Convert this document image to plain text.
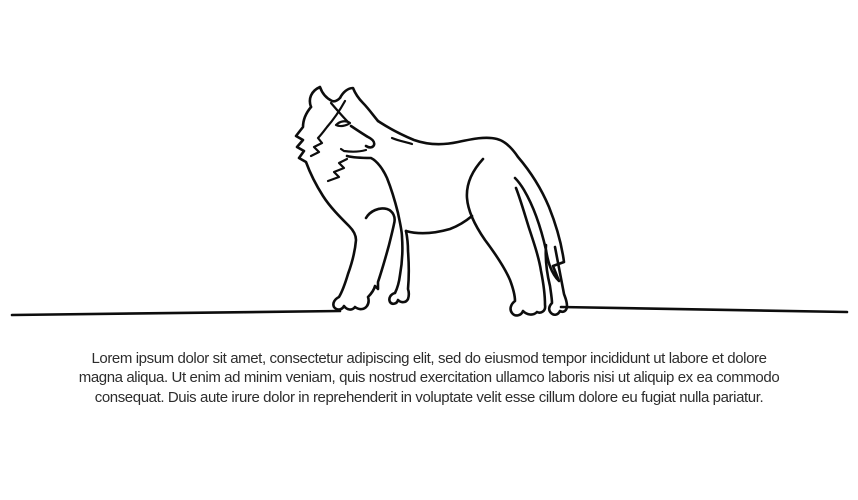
Lorem ipsum dolor sit amet, consectetur adipiscing elit, sed do eiusmod tempor incididunt ut labore et dolore
magna aliqua. Ut enim ad minim veniam, quis nostrud exercitation ullamco laboris nisi ut aliquip ex ea commodo
consequat. Duis aute irure dolor in reprehenderit in voluptate velit esse cillum dolore eu fugiat nulla pariatur.
